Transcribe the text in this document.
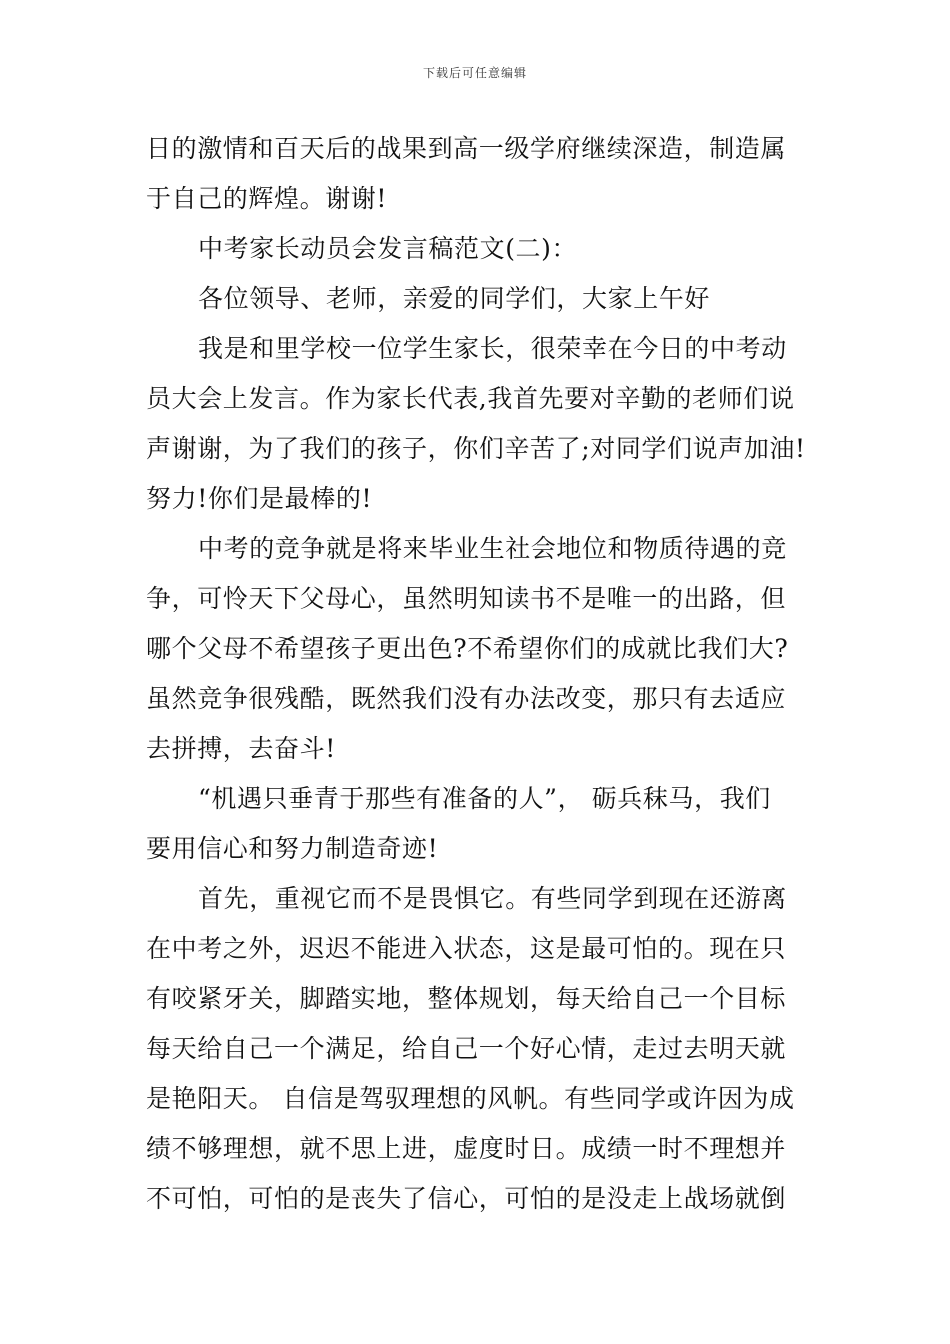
下载后可任意编辑
日的激情和百天后的战果到高一级学府继续深造，制造属
于自己的辉煌。谢谢!
中考家长动员会发言稿范文(二)：
各位领导、老师，亲爱的同学们，大家上午好
我是和里学校一位学生家长，很荣幸在今日的中考动
员大会上发言。作为家长代表,我首先要对辛勤的老师们说
声谢谢，为了我们的孩子，你们辛苦了;对同学们说声加油!
努力!你们是最棒的!
中考的竞争就是将来毕业生社会地位和物质待遇的竞
争，可怜天下父母心，虽然明知读书不是唯一的出路，但
哪个父母不希望孩子更出色?不希望你们的成就比我们大?
虽然竞争很残酷，既然我们没有办法改变，那只有去适应
去拼搏，去奋斗!
“机遇只垂青于那些有准备的人”， 砺兵秣马，我们
要用信心和努力制造奇迹!
首先，重视它而不是畏惧它。有些同学到现在还游离
在中考之外，迟迟不能进入状态，这是最可怕的。现在只
有咬紧牙关，脚踏实地，整体规划，每天给自己一个目标
每天给自己一个满足，给自己一个好心情，走过去明天就
是艳阳天。 自信是驾驭理想的风帆。有些同学或许因为成
绩不够理想，就不思上进，虚度时日。成绩一时不理想并
不可怕，可怕的是丧失了信心，可怕的是没走上战场就倒
